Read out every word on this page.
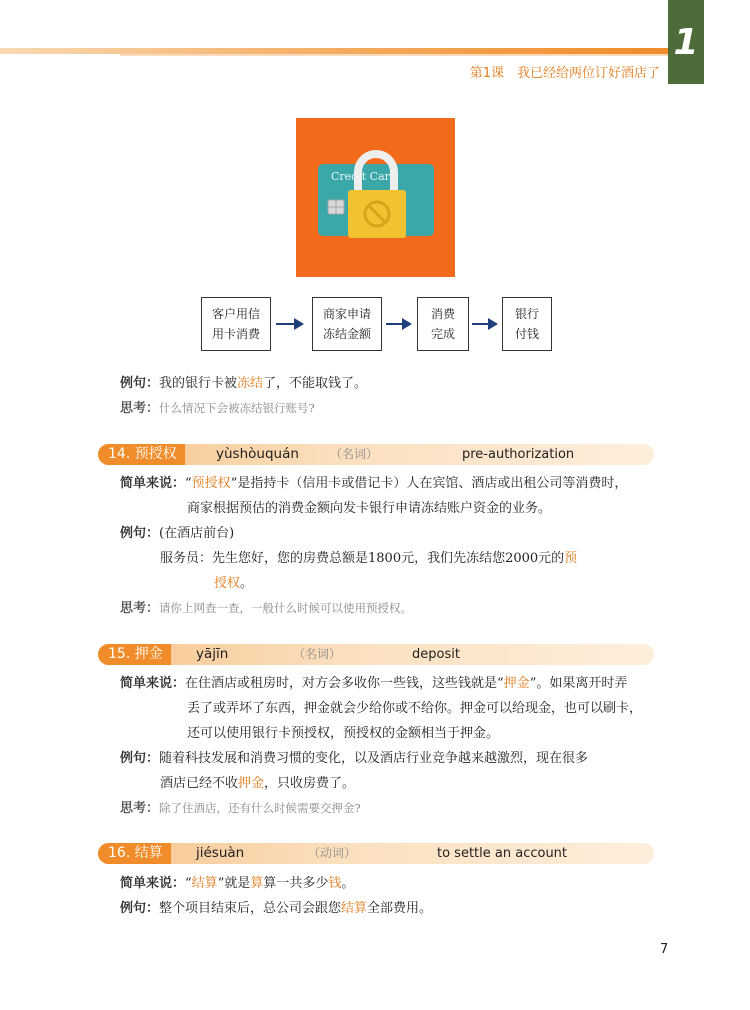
1
第1课　我已经给两位订好酒店了
Credit Card
客户用信
用卡消费
商家申请
冻结金额
消费
完成
银行
付钱
例句：我的银行卡被冻结了，不能取钱了。
思考：什么情况下会被冻结银行账号?
14. 预授权	yùshòuquán	（名词）	pre-authorization
简单来说：“预授权”是指持卡（信用卡或借记卡）人在宾馆、酒店或出租公司等消费时，
商家根据预估的消费金额向发卡银行申请冻结账户资金的业务。
例句：(在酒店前台)
服务员：先生您好，您的房费总额是1800元，我们先冻结您2000元的预
授权。
思考：请你上网查一查，一般什么时候可以使用预授权。
15. 押金	yājīn	（名词）	deposit
简单来说：在住酒店或租房时，对方会多收你一些钱，这些钱就是“押金”。如果离开时弄
丢了或弄坏了东西，押金就会少给你或不给你。押金可以给现金，也可以刷卡，
还可以使用银行卡预授权，预授权的金额相当于押金。
例句：随着科技发展和消费习惯的变化，以及酒店行业竞争越来越激烈，现在很多
酒店已经不收押金，只收房费了。
思考：除了住酒店，还有什么时候需要交押金?
16. 结算	jiésuàn	（动词）	to settle an account
简单来说：“结算”就是算算一共多少钱。
例句：整个项目结束后，总公司会跟您结算全部费用。
7
